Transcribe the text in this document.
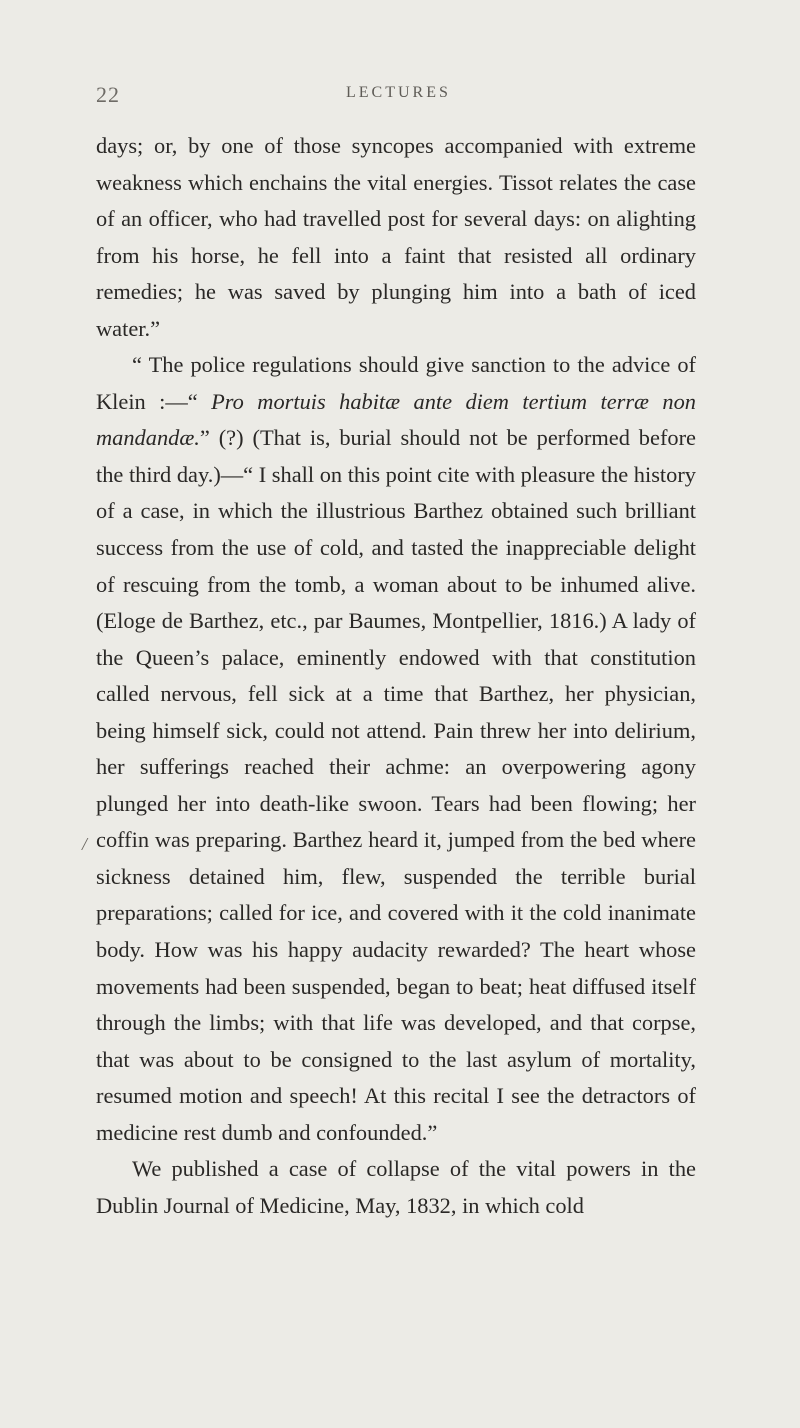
22	LECTURES
/

days; or, by one of those syncopes accompanied with extreme weakness which enchains the vital energies. Tissot relates the case of an officer, who had travelled post for several days: on alighting from his horse, he fell into a faint that resisted all ordinary remedies; he was saved by plunging him into a bath of iced water.”

“ The police regulations should give sanction to the advice of Klein :—“ Pro mortuis habitæ ante diem tertium terræ non mandandæ.” (?) (That is, burial should not be performed before the third day.)—“ I shall on this point cite with pleasure the history of a case, in which the illustrious Barthez obtained such brilliant success from the use of cold, and tasted the inappreciable delight of rescuing from the tomb, a woman about to be inhumed alive. (Eloge de Barthez, etc., par Baumes, Montpellier, 1816.) A lady of the Queen’s palace, eminently endowed with that constitution called nervous, fell sick at a time that Barthez, her physician, being himself sick, could not attend. Pain threw her into delirium, her sufferings reached their achme: an overpowering agony plunged her into death-like swoon. Tears had been flowing; her coffin was preparing. Barthez heard it, jumped from the bed where sickness detained him, flew, suspended the terrible burial preparations; called for ice, and covered with it the cold inanimate body. How was his happy audacity rewarded? The heart whose movements had been suspended, began to beat; heat diffused itself through the limbs; with that life was developed, and that corpse, that was about to be consigned to the last asylum of mortality, resumed motion and speech! At this recital I see the detractors of medicine rest dumb and confounded.”

We published a case of collapse of the vital powers in the Dublin Journal of Medicine, May, 1832, in which cold
